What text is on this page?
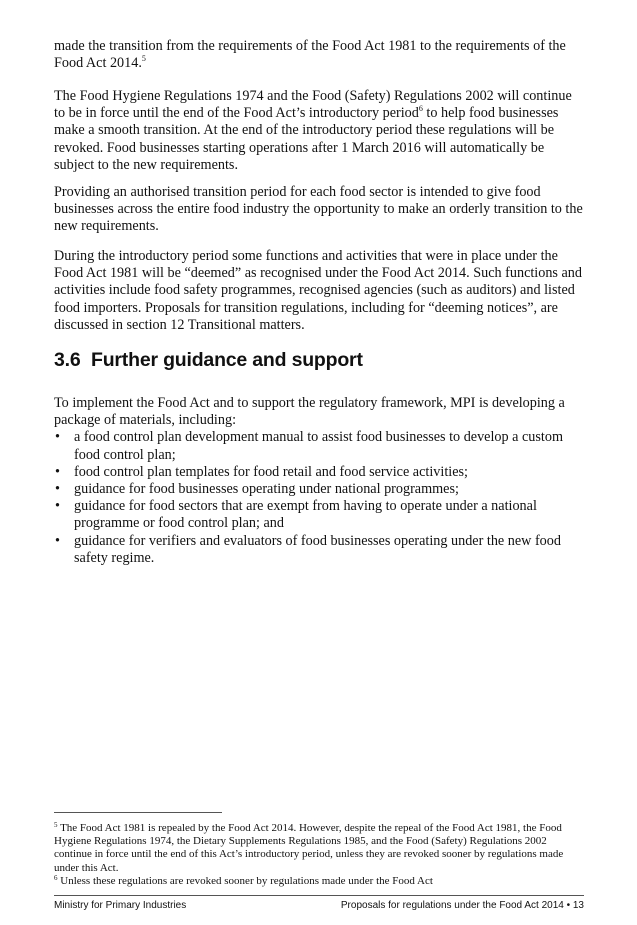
made the transition from the requirements of the Food Act 1981 to the requirements of the Food Act 2014.$^5$

The Food Hygiene Regulations 1974 and the Food (Safety) Regulations 2002 will continue to be in force until the end of the Food Act’s introductory period$^6$ to help food businesses make a smooth transition. At the end of the introductory period these regulations will be revoked. Food businesses starting operations after 1 March 2016 will automatically be subject to the new requirements.

Providing an authorised transition period for each food sector is intended to give food businesses across the entire food industry the opportunity to make an orderly transition to the new requirements.

During the introductory period some functions and activities that were in place under the Food Act 1981 will be “deemed” as recognised under the Food Act 2014. Such functions and activities include food safety programmes, recognised agencies (such as auditors) and listed food importers. Proposals for transition regulations, including for “deeming notices”, are discussed in section 12 Transitional matters.

3.6 Further guidance and support

To implement the Food Act and to support the regulatory framework, MPI is developing a package of materials, including:

• a food control plan development manual to assist food businesses to develop a custom food control plan;
• food control plan templates for food retail and food service activities;
• guidance for food businesses operating under national programmes;
• guidance for food sectors that are exempt from having to operate under a national programme or food control plan; and
• guidance for verifiers and evaluators of food businesses operating under the new food safety regime.

$^5$ The Food Act 1981 is repealed by the Food Act 2014. However, despite the repeal of the Food Act 1981, the Food Hygiene Regulations 1974, the Dietary Supplements Regulations 1985, and the Food (Safety) Regulations 2002 continue in force until the end of this Act’s introductory period, unless they are revoked sooner by regulations made under this Act.

$^6$ Unless these regulations are revoked sooner by regulations made under the Food Act

Ministry for Primary Industries	Proposals for regulations under the Food Act 2014 • 13
